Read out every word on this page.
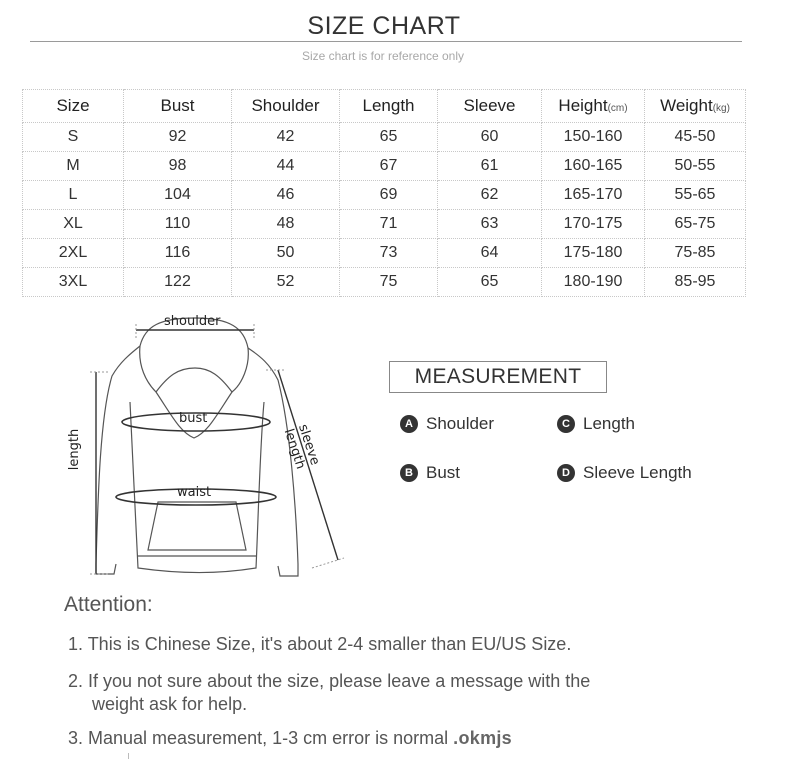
SIZE CHART
Size chart is for reference only
Size	Bust	Shoulder	Length	Sleeve	Height(cm)	Weight(kg)
S	92	42	65	60	150-160	45-50
M	98	44	67	61	160-165	50-55
L	104	46	69	62	165-170	55-65
XL	110	48	71	63	170-175	65-75
2XL	116	50	73	64	175-180	75-85
3XL	122	52	75	65	180-190	85-95
shoulder
bust
waist
length	sleeve length
MEASUREMENT
A Shoulder	C Length
B Bust	D Sleeve Length
Attention:
1. This is Chinese Size, it's about 2-4 smaller than EU/US Size.
2. If you not sure about the size, please leave a message with the
weight ask for help.
3. Manual measurement, 1-3 cm error is normal .okmjs
